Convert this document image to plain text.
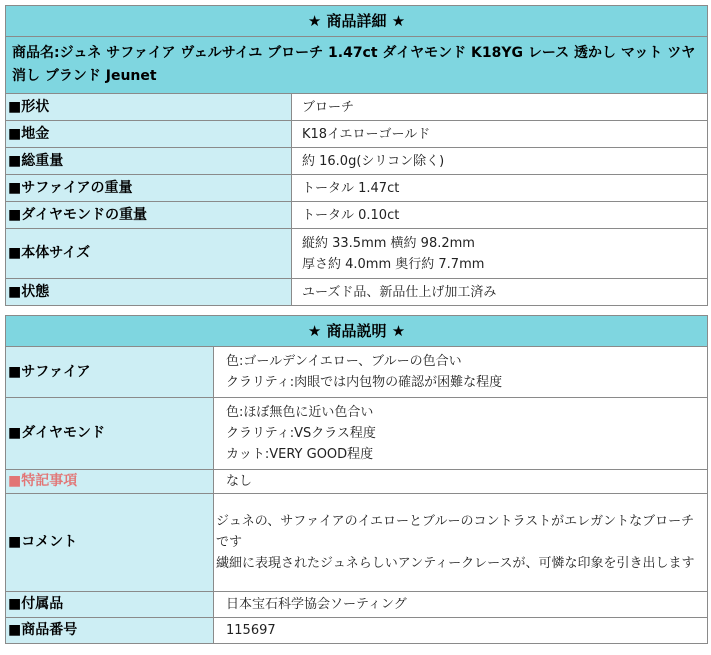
★ 商品詳細 ★	
商品名:ジュネ サファイア ヴェルサイユ ブローチ 1.47ct ダイヤモンド K18YG レース 透かし マット ツヤ消し ブランド Jeunet	
■形状	ブローチ
■地金	K18イエローゴールド
■総重量	約 16.0g(シリコン除く)
■サファイアの重量	トータル 1.47ct
■ダイヤモンドの重量	トータル 0.10ct
■本体サイズ	縦約 33.5mm 横約 98.2mm
厚さ約 4.0mm 奥行約 7.7mm

■状態	ユーズド品、新品仕上げ加工済み
★ 商品説明 ★	
■サファイア	色:ゴールデンイエロー、ブルーの色合い
クラリティ:肉眼では内包物の確認が困難な程度

■ダイヤモンド	色:ほぼ無色に近い色合い
クラリティ:VSクラス程度
カット:VERY GOOD程度

■特記事項	なし
■コメント	ジュネの、サファイアのイエローとブルーのコントラストがエレガントなブローチです
繊細に表現されたジュネらしいアンティークレースが、可憐な印象を引き出します

■付属品	日本宝石科学協会ソーティング
■商品番号	115697
